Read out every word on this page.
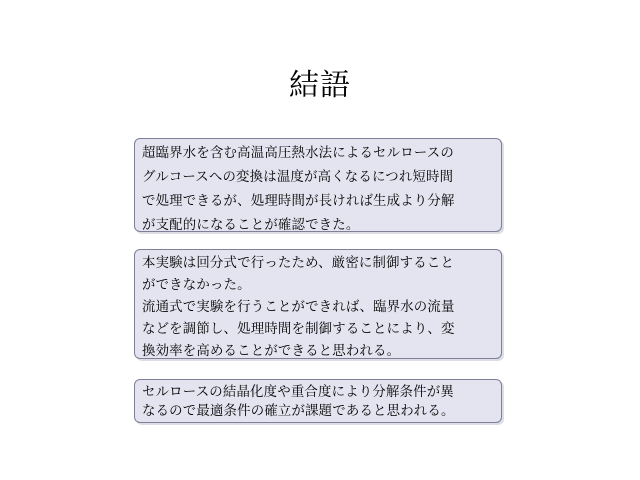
結語
超臨界水を含む高温高圧熱水法によるセルロースの
グルコースへの変換は温度が高くなるにつれ短時間
で処理できるが、処理時間が長ければ生成より分解
が支配的になることが確認できた。
本実験は回分式で行ったため、厳密に制御すること
ができなかった。
流通式で実験を行うことができれば、臨界水の流量
などを調節し、処理時間を制御することにより、変
換効率を高めることができると思われる。
セルロースの結晶化度や重合度により分解条件が異
なるので最適条件の確立が課題であると思われる。
